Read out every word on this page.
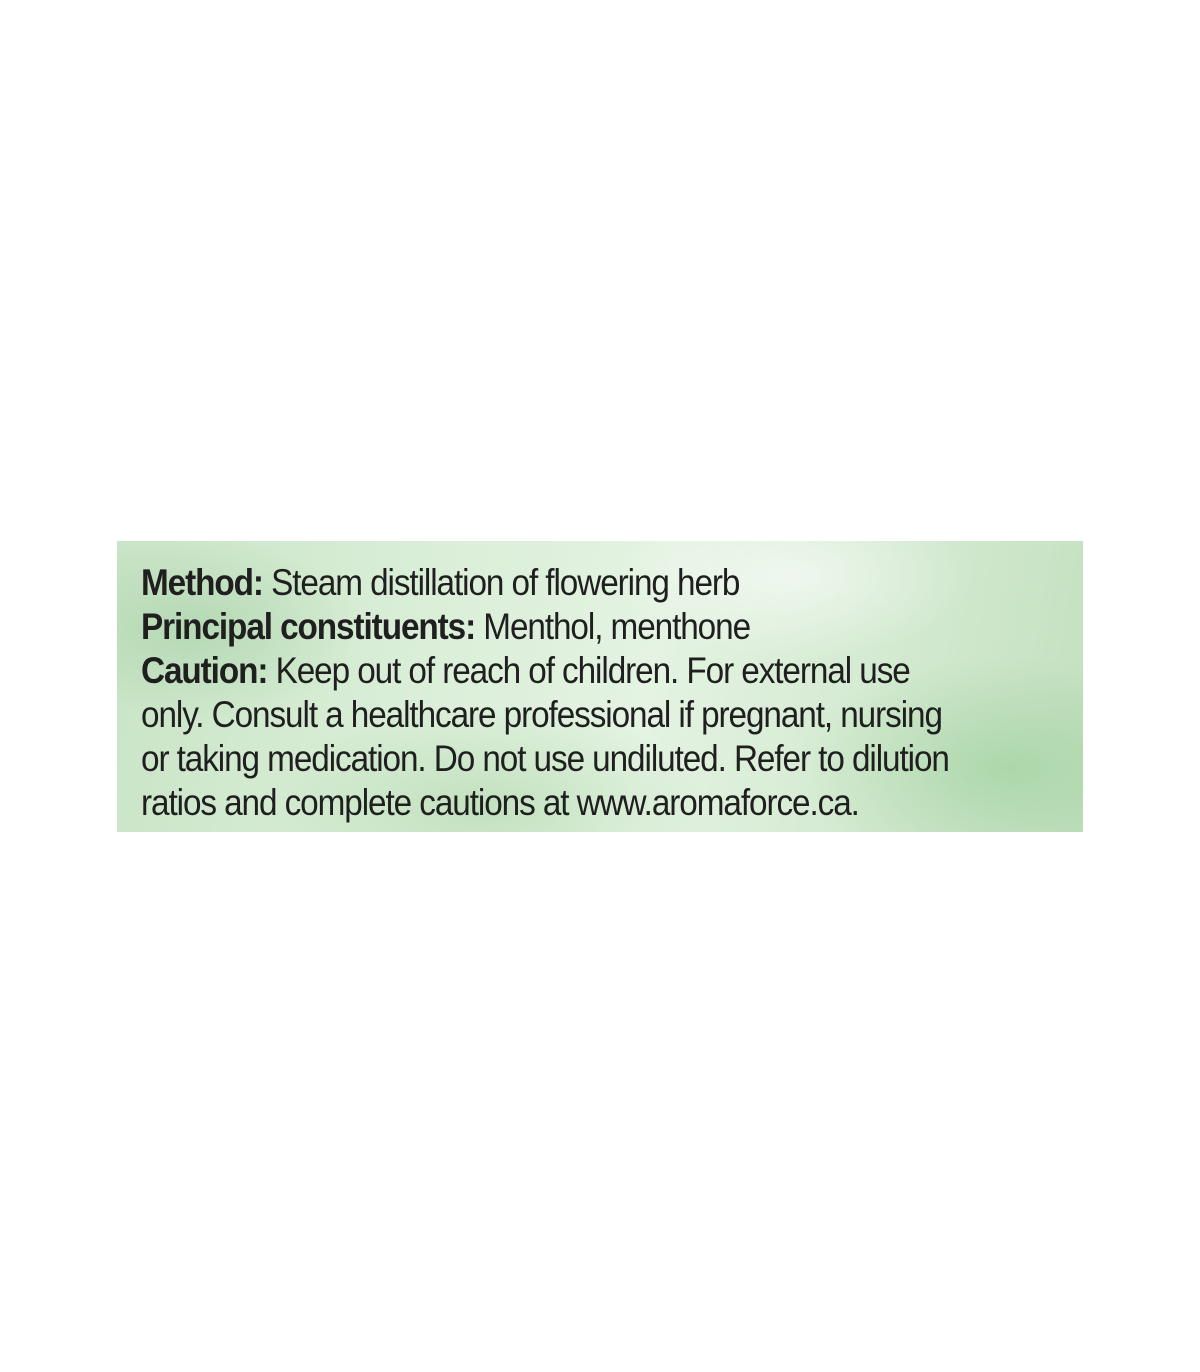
Method: Steam distillation of flowering herb

Principal constituents: Menthol, menthone

Caution: Keep out of reach of children. For external use

only. Consult a healthcare professional if pregnant, nursing

or taking medication. Do not use undiluted. Refer to dilution

ratios and complete cautions at www.aromaforce.ca.
